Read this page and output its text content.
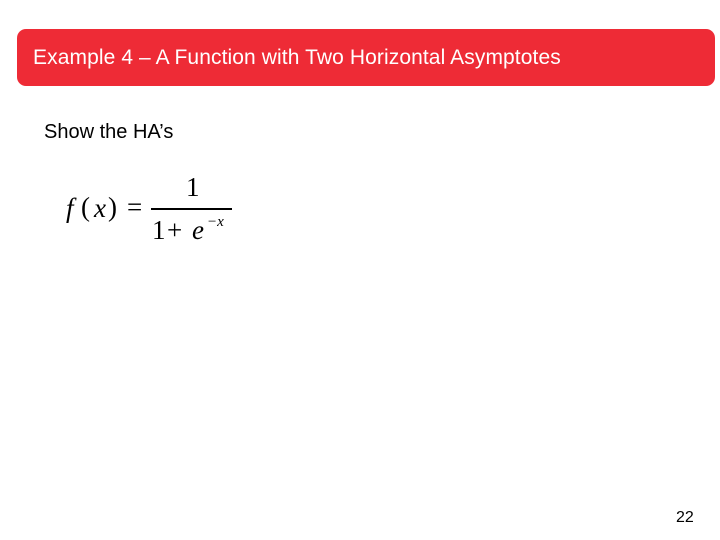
Example 4 – A Function with Two Horizontal Asymptotes
Show the HA’s
f ( x ) =
1
1 + e −x
22
